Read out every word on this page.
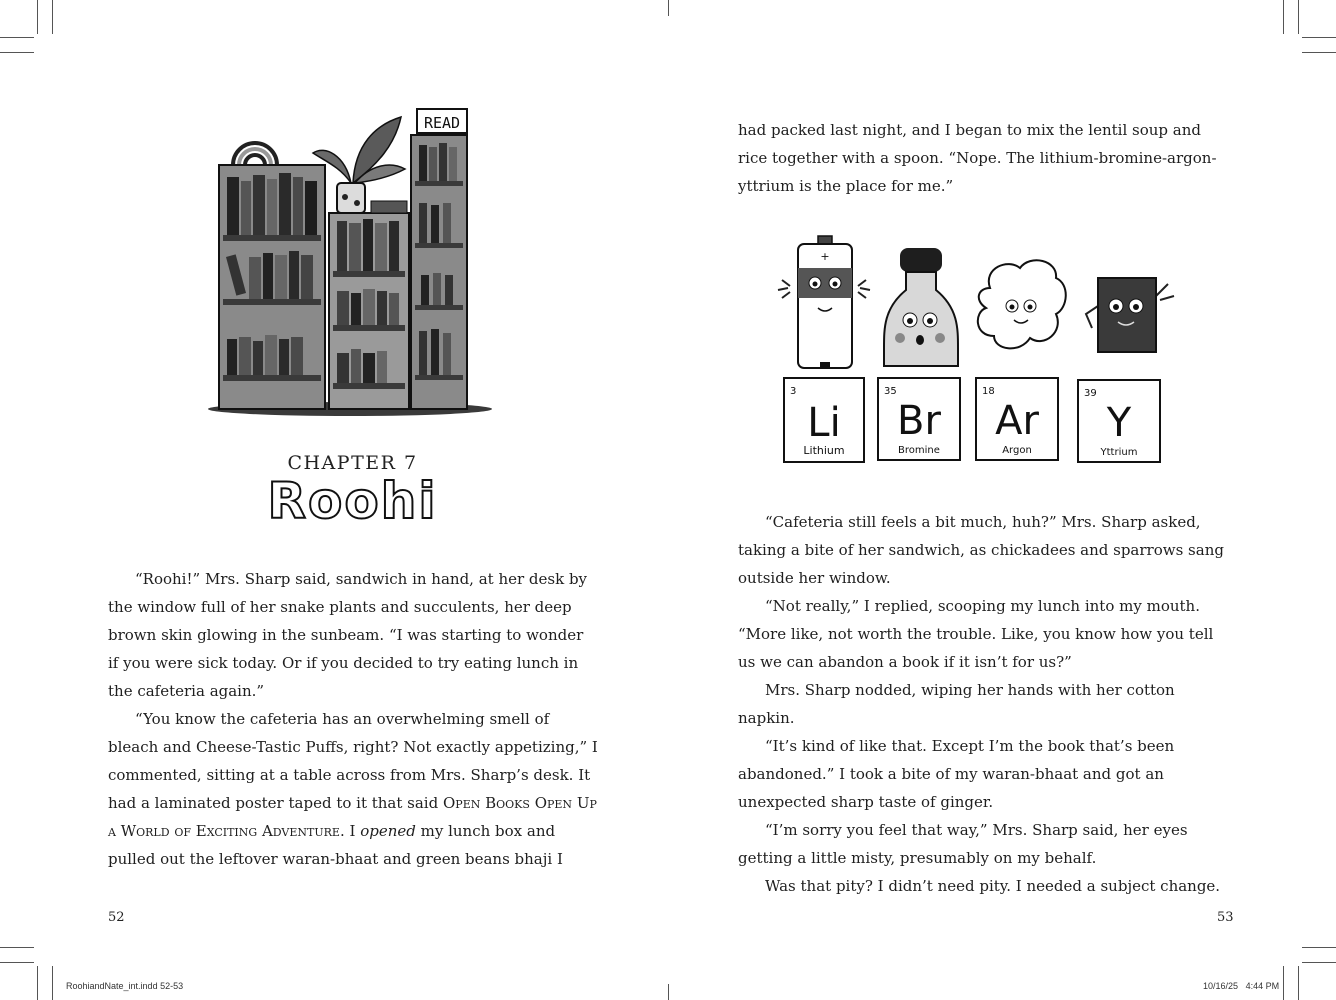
READ
CHAPTER 7
Roohi

“Roohi!” Mrs. Sharp said, sandwich in hand, at her desk by the window full of her snake plants and succulents, her deep brown skin glowing in the sunbeam. “I was starting to wonder if you were sick today. Or if you decided to try eating lunch in the cafeteria again.”

“You know the cafeteria has an overwhelming smell of bleach and Cheese-Tastic Puffs, right? Not exactly appetizing,” I commented, sitting at a table across from Mrs. Sharp’s desk. It had a laminated poster taped to it that said Open Books Open Up a World of Exciting Adventure. I opened my lunch box and pulled out the leftover waran-bhaat and green beans bhaji I

52
RoohiandNate_int.indd 52-53

had packed last night, and I began to mix the lentil soup and rice together with a spoon. “Nope. The lithium-bromine-argon-yttrium is the place for me.”

+
3
Li
Lithium
35
Br
Bromine
18
Ar
Argon
39
Y
Yttrium

“Cafeteria still feels a bit much, huh?” Mrs. Sharp asked, taking a bite of her sandwich, as chickadees and sparrows sang outside her window.

“Not really,” I replied, scooping my lunch into my mouth. “More like, not worth the trouble. Like, you know how you tell us we can abandon a book if it isn’t for us?”

Mrs. Sharp nodded, wiping her hands with her cotton napkin.

“It’s kind of like that. Except I’m the book that’s been abandoned.” I took a bite of my waran-bhaat and got an unexpected sharp taste of ginger.

“I’m sorry you feel that way,” Mrs. Sharp said, her eyes getting a little misty, presumably on my behalf.

Was that pity? I didn’t need pity. I needed a subject change.

53
10/16/25 4:44 PM
